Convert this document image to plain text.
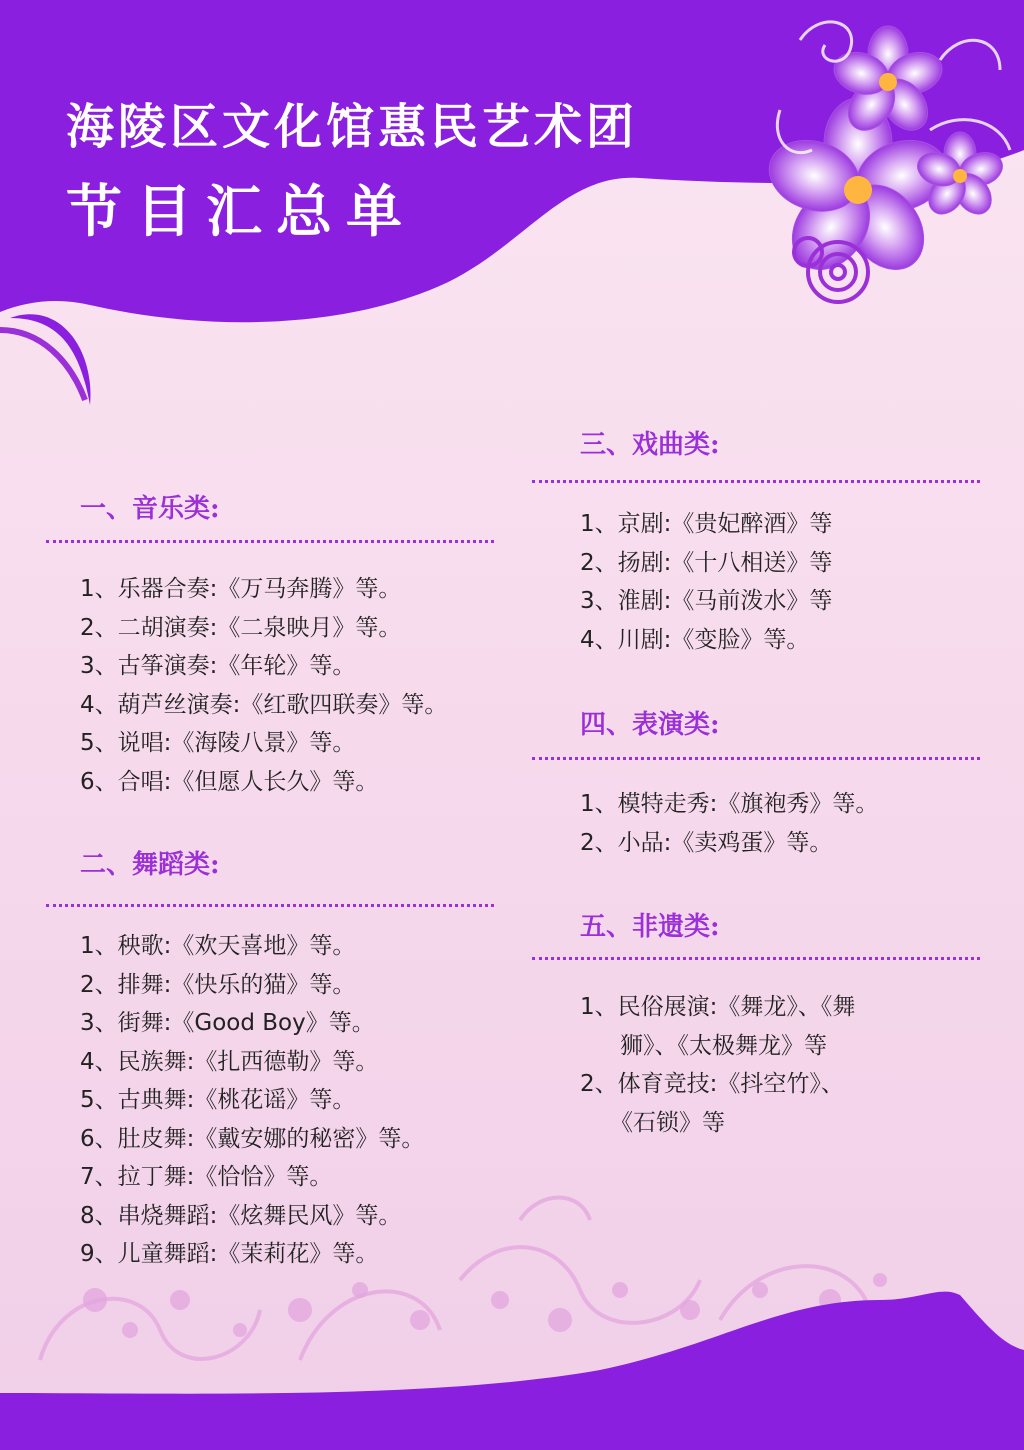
海陵区文化馆惠民艺术团
节目汇总单
一、音乐类:
1、乐器合奏:《万马奔腾》等。
2、二胡演奏:《二泉映月》等。
3、古筝演奏:《年轮》等。
4、葫芦丝演奏:《红歌四联奏》等。
5、说唱:《海陵八景》等。
6、合唱:《但愿人长久》等。
二、舞蹈类:
1、秧歌:《欢天喜地》等。
2、排舞:《快乐的猫》等。
3、街舞:《Good Boy》等。
4、民族舞:《扎西德勒》等。
5、古典舞:《桃花谣》等。
6、肚皮舞:《戴安娜的秘密》等。
7、拉丁舞:《恰恰》等。
8、串烧舞蹈:《炫舞民风》等。
9、儿童舞蹈:《茉莉花》等。
三、戏曲类:
1、京剧:《贵妃醉酒》等
2、扬剧:《十八相送》等
3、淮剧:《马前泼水》等
4、川剧:《变脸》等。
四、表演类:
1、模特走秀:《旗袍秀》等。
2、小品:《卖鸡蛋》等。
五、非遗类:
1、民俗展演:《舞龙》、《舞
狮》、《太极舞龙》等
2、体育竞技:《抖空竹》、
《石锁》等
